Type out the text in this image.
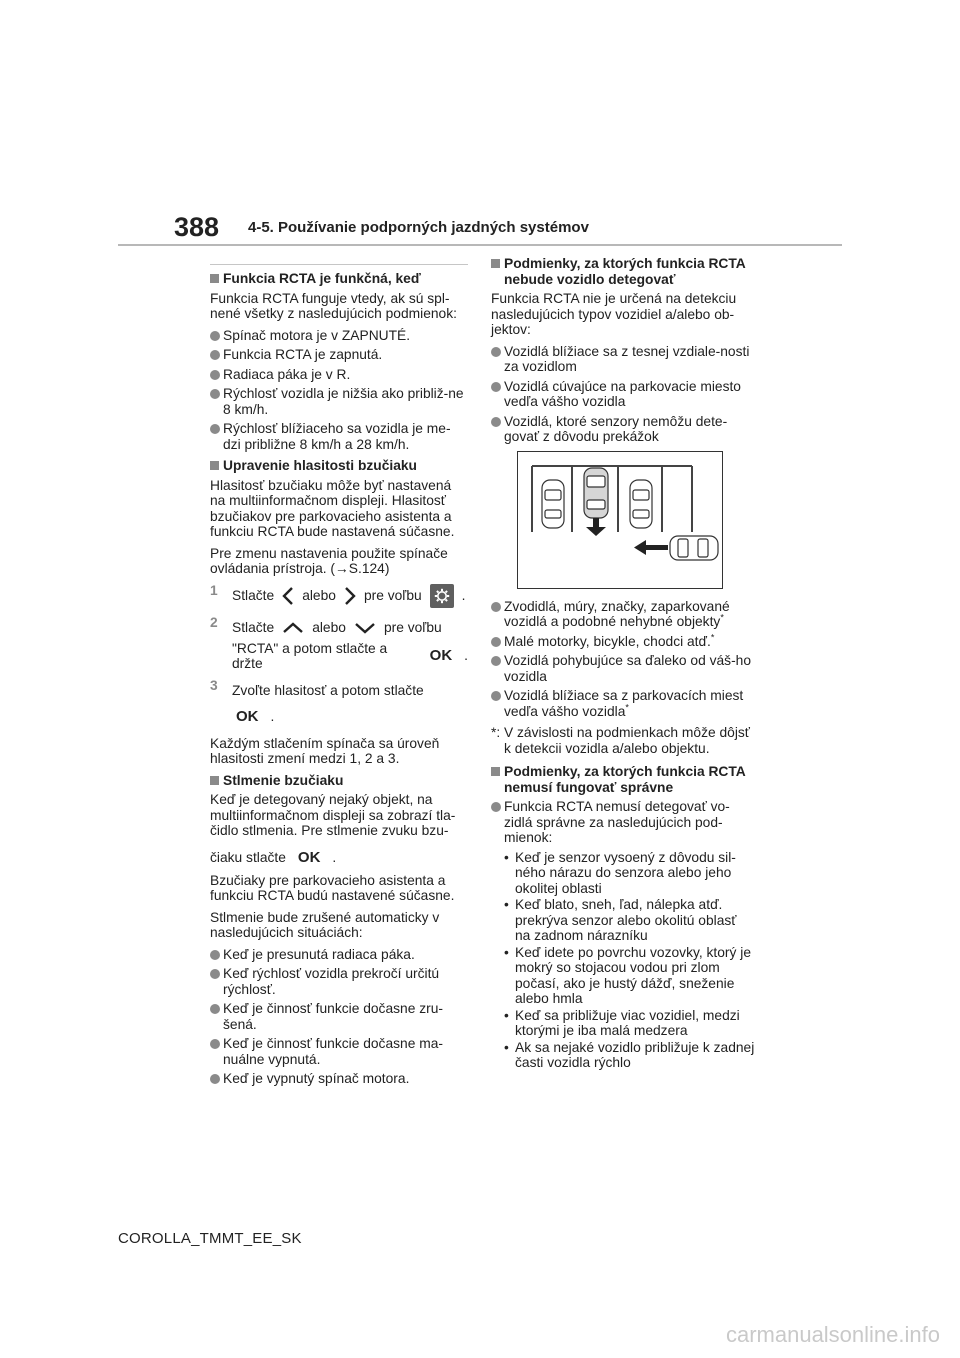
388 4-5. Používanie podporných jazdných systémov
Funkcia RCTA je funkčná, keď

Funkcia RCTA funguje vtedy, ak sú spl-nené všetky z nasledujúcich podmienok:

Spínač motora je v ZAPNUTÉ.
Funkcia RCTA je zapnutá.
Radiaca páka je v R.
Rýchlosť vozidla je nižšia ako približ-ne 8 km/h.
Rýchlosť blížiaceho sa vozidla je me-dzi približne 8 km/h a 28 km/h.
Upravenie hlasitosti bzučiaku

Hlasitosť bzučiaku môže byť nastavená na multiinformačnom displeji. Hlasitosť bzučiakov pre parkovacieho asistenta a funkciu RCTA bude nastavená súčasne.

Pre zmenu nastavenia použite spínače ovládania prístroja. (→S.124)

1 Stlačte alebo pre voľbu	.
2 Stlačte	alebo	pre voľbu
"RCTA" a potom stlačte a držte	OK .
3 Zvoľte hlasitosť a potom stlačte
OK .

Každým stlačením spínača sa úroveň hlasitosti zmení medzi 1, 2 a 3.

Stlmenie bzučiaku

Keď je detegovaný nejaký objekt, na multiinformačnom displeji sa zobrazí tla-čidlo stlmenia. Pre stlmenie zvuku bzu-

čiaku stlačte OK .

Bzučiaky pre parkovacieho asistenta a funkciu RCTA budú nastavené súčasne.

Stlmenie bude zrušené automaticky v nasledujúcich situáciách:

Keď je presunutá radiaca páka.
Keď rýchlosť vozidla prekročí určitú rýchlosť.
Keď je činnosť funkcie dočasne zru-šená.
Keď je činnosť funkcie dočasne ma-nuálne vypnutá.
Keď je vypnutý spínač motora.
Podmienky, za ktorých funkcia RCTA nebude vozidlo detegovať

Funkcia RCTA nie je určená na detekciu nasledujúcich typov vozidiel a/alebo ob-jektov:

Vozidlá blížiace sa z tesnej vzdiale-nosti za vozidlom
Vozidlá cúvajúce na parkovacie miesto vedľa vášho vozidla
Vozidlá, ktoré senzory nemôžu dete-govať z dôvodu prekážok
Zvodidlá, múry, značky, zaparkované vozidlá a podobné nehybné objekty*
Malé motorky, bicykle, chodci atď.*
Vozidlá pohybujúce sa ďaleko od váš-ho vozidla
Vozidlá blížiace sa z parkovacích miest vedľa vášho vozidla*
*: V závislosti na podmienkach môže dôjsť k detekcii vozidla a/alebo objektu.
Podmienky, za ktorých funkcia RCTA nemusí fungovať správne
Funkcia RCTA nemusí detegovať vo-zidlá správne za nasledujúcich pod-mienok:
• Keď je senzor vysoený z dôvodu sil-ného nárazu do senzora alebo jeho okolitej oblasti
• Keď blato, sneh, ľad, nálepka atď. prekrýva senzor alebo okolitú oblasť na zadnom nárazníku
• Keď idete po povrchu vozovky, ktorý je mokrý so stojacou vodou pri zlom počasí, ako je hustý dážď, sneženie alebo hmla
• Keď sa približuje viac vozidiel, medzi ktorými je iba malá medzera
• Ak sa nejaké vozidlo približuje k zadnej časti vozidla rýchlo
COROLLA_TMMT_EE_SK
carmanualsonline.info
